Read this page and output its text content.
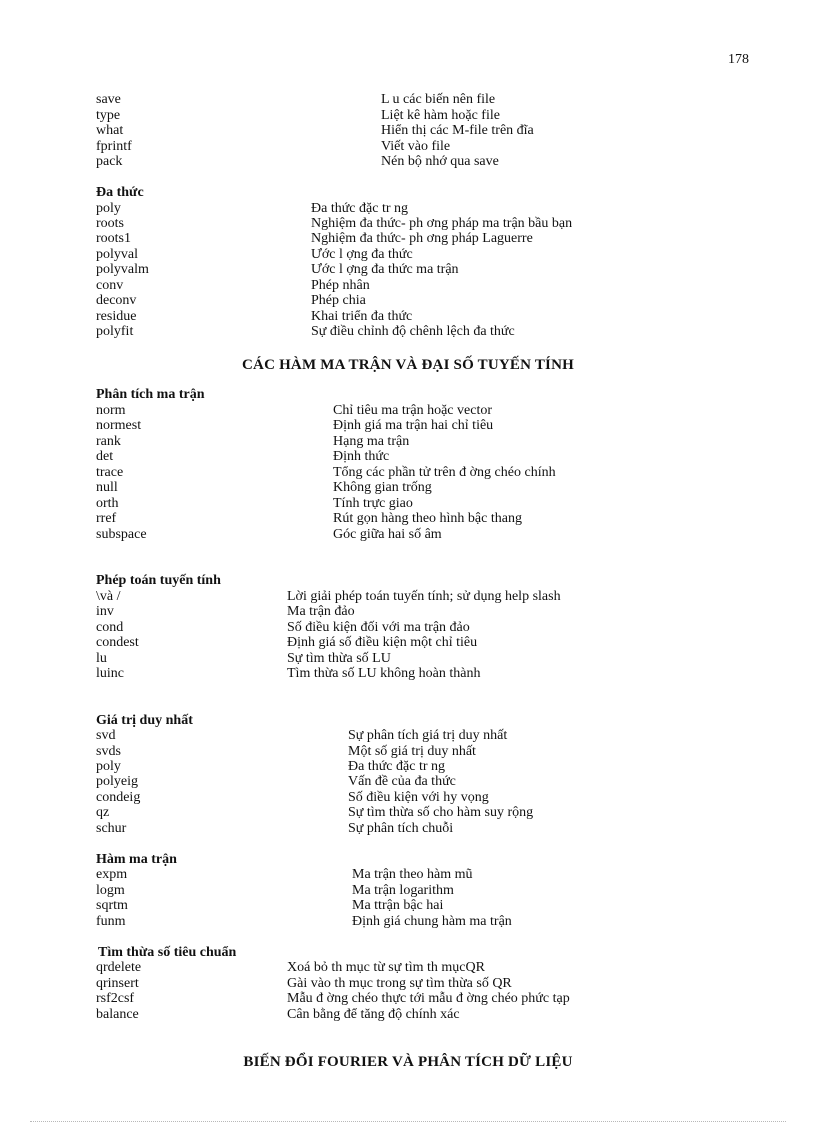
178
save	L u các biến nên file
type	Liệt kê hàm hoặc file
what	Hiển thị các M-file trên đĩa
fprintf	Viết vào file
pack	Nén bộ nhớ qua save
Đa thức
poly	Đa thức đặc tr ng
roots	Nghiệm đa thức- ph ơng pháp ma trận bầu bạn
roots1	Nghiệm đa thức- ph ơng pháp Laguerre
polyval	Ước l ợng đa thức
polyvalm	Ước l ợng đa thức ma trận
conv	Phép nhân
deconv	Phép chia
residue	Khai triển đa thức
polyfit	Sự điều chỉnh độ chênh lệch đa thức
CÁC HÀM MA TRẬN VÀ ĐẠI SỐ TUYẾN TÍNH
Phân tích ma trận
norm	Chỉ tiêu ma trận hoặc vector
normest	Định giá ma trận hai chỉ tiêu
rank	Hạng ma trận
det	Định thức
trace	Tổng các phần tử trên đ ờng chéo chính
null	Không gian trống
orth	Tính trực giao
rref	Rút gọn hàng theo hình bậc thang
subspace	Góc giữa hai số âm
Phép toán tuyến tính
\và /	Lời giải phép toán tuyến tính; sử dụng help slash
inv	Ma trận đảo
cond	Số điều kiện đối với ma trận đảo
condest	Định giá số điều kiện một chỉ tiêu
lu	Sự tìm thừa số LU
luinc	Tìm thừa số LU không hoàn thành
Giá trị duy nhất
svd	Sự phân tích giá trị duy nhất
svds	Một số giá trị duy nhất
poly	Đa thức đặc tr ng
polyeig	Vấn đề của đa thức
condeig	Số điều kiện với hy vọng
qz	Sự tìm thừa số cho hàm suy rộng
schur	Sự phân tích chuỗi
Hàm ma trận
expm	Ma trận theo hàm mũ
logm	Ma trận logarithm
sqrtm	Ma ttrận bậc hai
funm	Định giá chung hàm ma trận
Tìm thừa số tiêu chuẩn
qrdelete	Xoá bỏ th mục từ sự tìm th mụcQR
qrinsert	Gài vào th mục trong sự tìm thừa số QR
rsf2csf	Mẫu đ ờng chéo thực tới mẫu đ ờng chéo phức tạp
balance	Cân bằng để tăng độ chính xác
BIẾN ĐỔI FOURIER VÀ PHÂN TÍCH DỮ LIỆU
